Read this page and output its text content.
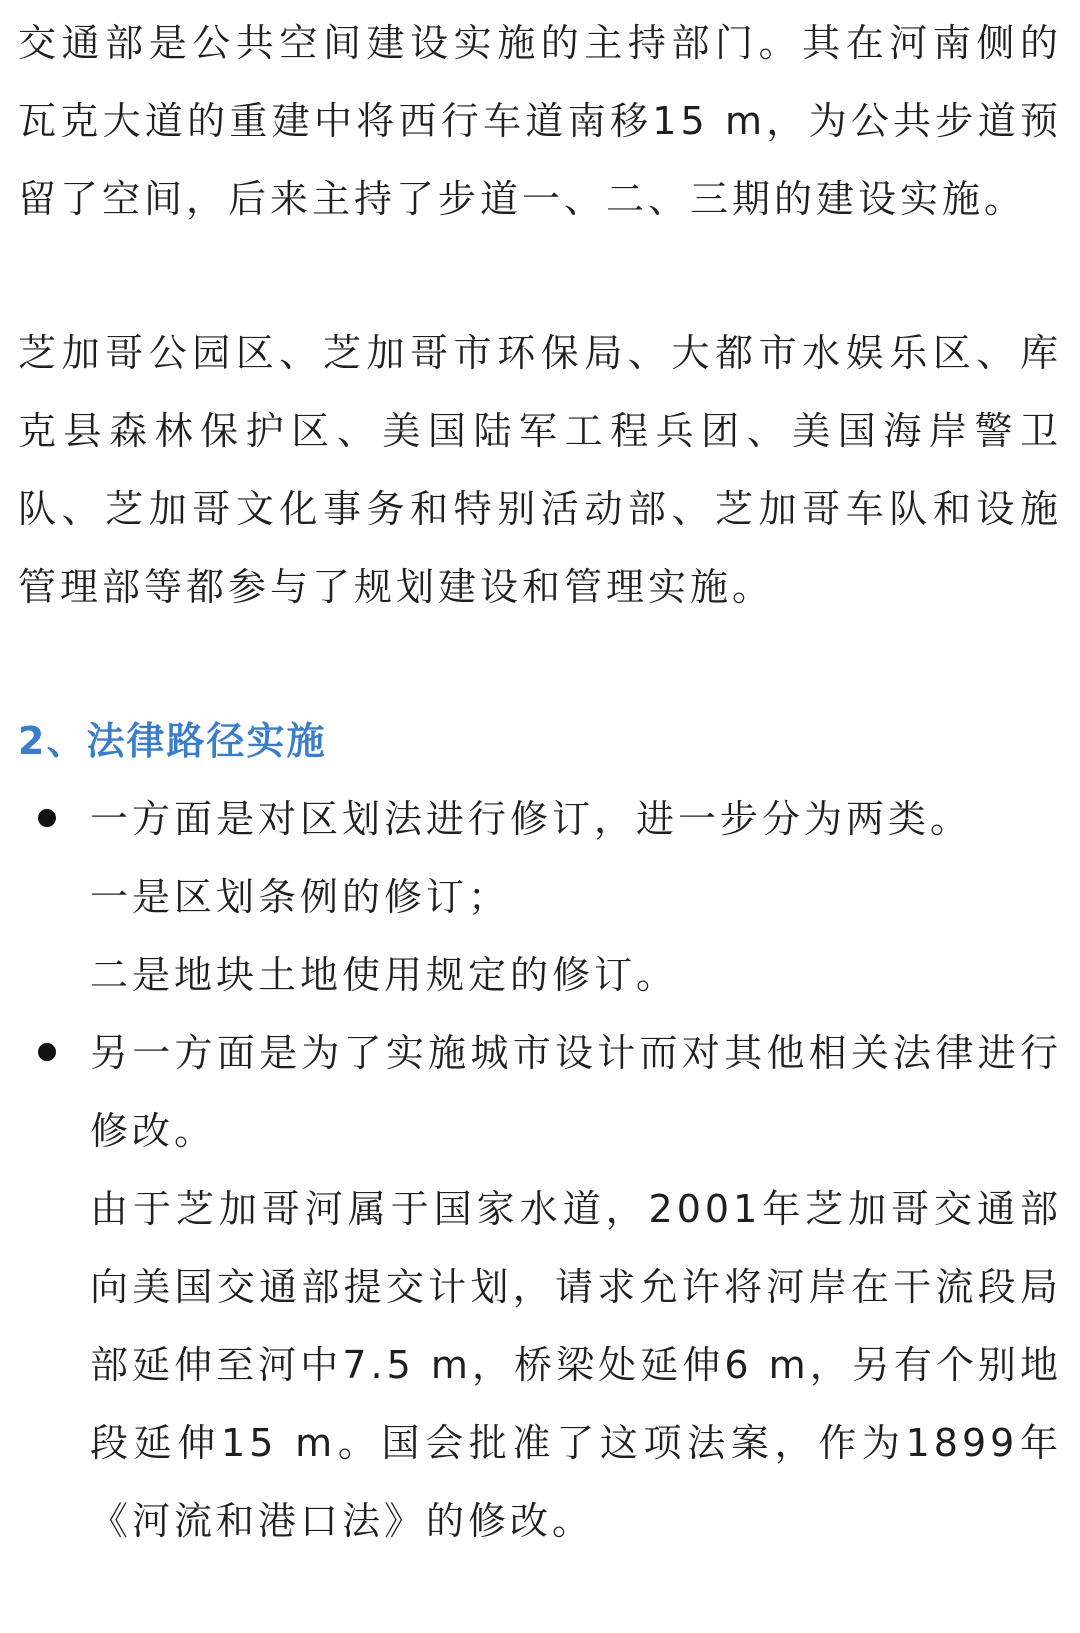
交通部是公共空间建设实施的主持部门。其在河南侧的瓦克大道的重建中将西行车道南移15 m，为公共步道预留了空间，后来主持了步道一、二、三期的建设实施。

芝加哥公园区、芝加哥市环保局、大都市水娱乐区、库克县森林保护区、美国陆军工程兵团、美国海岸警卫队、芝加哥文化事务和特别活动部、芝加哥车队和设施管理部等都参与了规划建设和管理实施。

2、法律路径实施

一方面是对区划法进行修订，进一步分为两类。

一是区划条例的修订；

二是地块土地使用规定的修订。

另一方面是为了实施城市设计而对其他相关法律进行修改。

由于芝加哥河属于国家水道，2001年芝加哥交通部向美国交通部提交计划，请求允许将河岸在干流段局部延伸至河中7.5 m，桥梁处延伸6 m，另有个别地段延伸15 m。国会批准了这项法案，作为1899年《河流和港口法》的修改。
